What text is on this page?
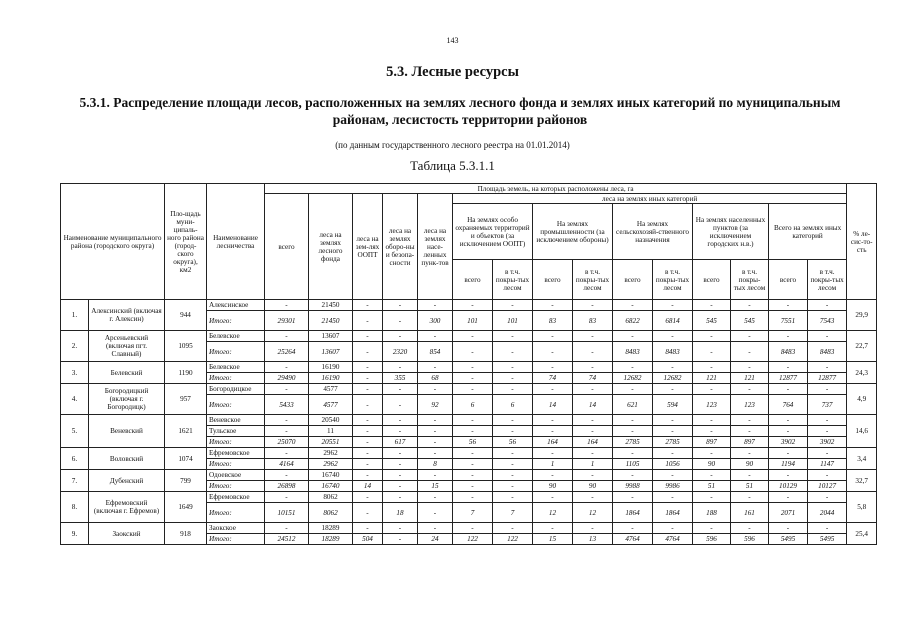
143
5.3. Лесные ресурсы
5.3.1. Распределение площади лесов, расположенных на землях лесного фонда и землях иных категорий по муниципальным районам, лесистость территории районов
(по данным государственного лесного реестра на 01.01.2014)
Таблица 5.3.1.1
Наименование муниципального района (городского округа)		Пло-щадь муни-ципаль-ного района (город-ского округа), км2	Наименование лесничества	Площадь земель, на которых расположены леса, га															% ле-сис-то-сть
				всего	леса на землях лесного фонда	леса на зем-лях ООПТ	леса на землях оборо-ны и безопа-сности	леса на землях насе-ленных пунк-тов	леса на землях иных категорий										
									На землях особо охраняемых территорий и объектов (за исключением ООПТ)		На землях промышленности (за исключением обороны)		На землях сельскохозяй-ственного назначения		На землях населенных пунктов (за исключением городских н.в.)		Всего на землях иных категорий		
									всего	в т.ч. покры-тых лесом	всего	в т.ч. покры-тых лесом	всего	в т.ч. покры-тых лесом	всего	в т.ч. покры-тых лесом	всего	в т.ч. покры-тых лесом	
1.	Алексинский (включая г. Алексин)	944	Алексинское	-	21450	-	-	-	-	-	-	-	-	-	-	-	-	-	29,9
			Итого:	29301	21450	-	-	300	101	101	83	83	6822	6814	545	545	7551	7543	
2.	Арсеньевский (включая пгт. Славный)	1095	Белевское	-	13607	-	-	-	-	-	-	-	-	-	-	-	-	-	22,7
			Итого:	25264	13607	-	2320	854	-	-	-	-	8483	8483	-	-	8483	8483	
3.	Белевский	1190	Белевское	-	16190	-	-	-	-	-	-	-	-	-	-	-	-	-	24,3
			Итого:	29490	16190	-	355	68	-	-	74	74	12682	12682	121	121	12877	12877	
4.	Богородицкий (включая г. Богородицк)	957	Богородицкое	-	4577	-	-	-	-	-	-	-	-	-	-	-	-	-	4,9
			Итого:	5433	4577	-	-	92	6	6	14	14	621	594	123	123	764	737	
5.	Веневский	1621	Веневское	-	20540	-	-	-	-	-	-	-	-	-	-	-	-	-	14,6
			Тульское	-	11	-	-	-	-	-	-	-	-	-	-	-	-	-	
			Итого:	25070	20551	-	617	-	56	56	164	164	2785	2785	897	897	3902	3902	
6.	Воловский	1074	Ефремовское	-	2962	-	-	-	-	-	-	-	-	-	-	-	-	-	3,4
			Итого:	4164	2962	-	-	8	-	-	1	1	1105	1056	90	90	1194	1147	
7.	Дубенский	799	Одоевское	-	16740	-	-	-	-	-	-	-	-	-	-	-	-	-	32,7
			Итого:	26898	16740	14	-	15	-	-	90	90	9988	9986	51	51	10129	10127	
8.	Ефремовский (включая г. Ефремов)	1649	Ефремовское	-	8062	-	-	-	-	-	-	-	-	-	-	-	-	-	5,8
			Итого:	10151	8062	-	18	-	7	7	12	12	1864	1864	188	161	2071	2044	
9.	Заокский	918	Заокское	-	18289	-	-	-	-	-	-	-	-	-	-	-	-	-	25,4
			Итого:	24512	18289	504	-	24	122	122	15	13	4764	4764	596	596	5495	5495	
